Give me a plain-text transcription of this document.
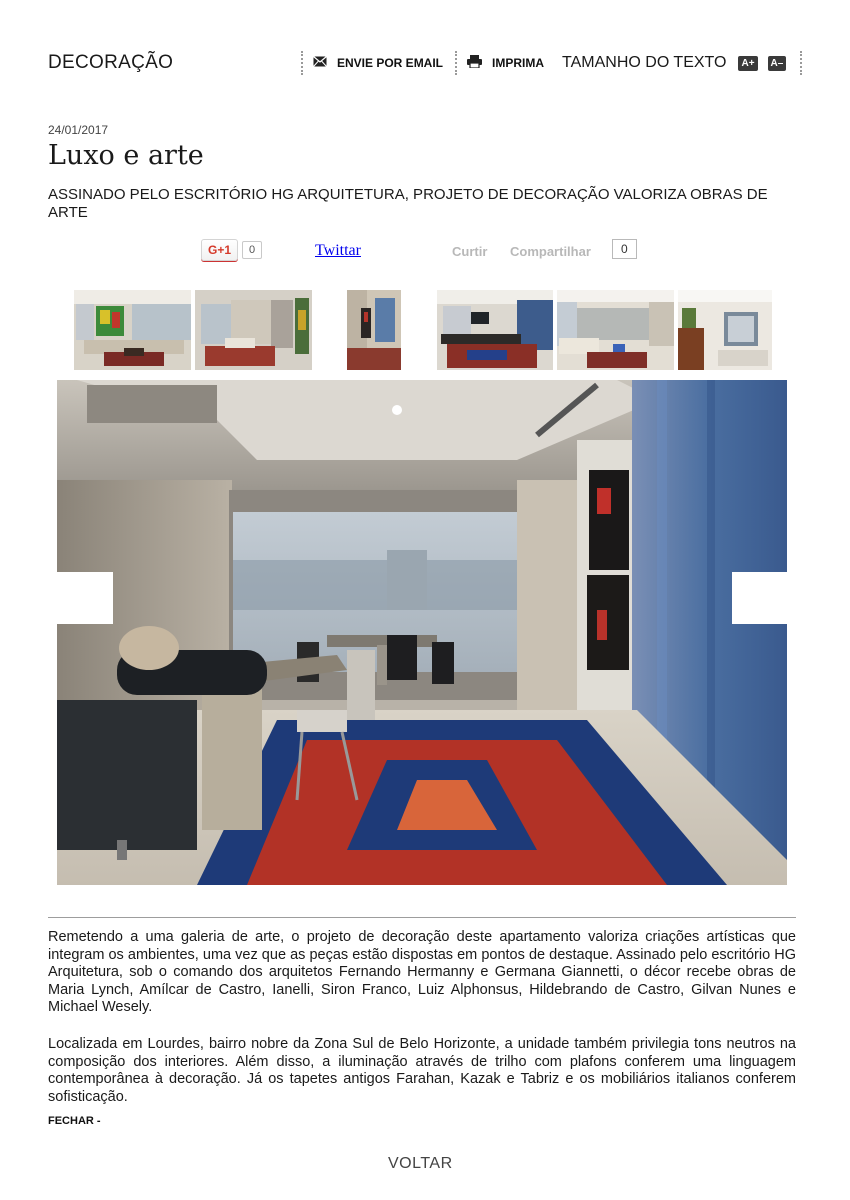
DECORAÇÃO	ENVIE POR EMAIL	IMPRIMA TAMANHO DO TEXTO	A+	A–
24/01/2017
Luxo e arte
ASSINADO PELO ESCRITÓRIO HG ARQUITETURA, PROJETO DE DECORAÇÃO VALORIZA OBRAS DE ARTE
G+1	0	Twittar	Curtir Compartilhar	0

Remetendo a uma galeria de arte, o projeto de decoração deste apartamento valoriza criações artísticas que integram os ambientes, uma vez que as peças estão dispostas em pontos de destaque. Assinado pelo escritório HG Arquitetura, sob o comando dos arquitetos Fernando Hermanny e Germana Giannetti, o décor recebe obras de Maria Lynch, Amílcar de Castro, Ianelli, Siron Franco, Luiz Alphonsus, Hildebrando de Castro, Gilvan Nunes e Michael Wesely.

Localizada em Lourdes, bairro nobre da Zona Sul de Belo Horizonte, a unidade também privilegia tons neutros na composição dos interiores. Além disso, a iluminação através de trilho com plafons conferem uma linguagem contemporânea à decoração. Já os tapetes antigos Farahan, Kazak e Tabriz e os mobiliários italianos conferem sofisticação.

FECHAR -
VOLTAR
